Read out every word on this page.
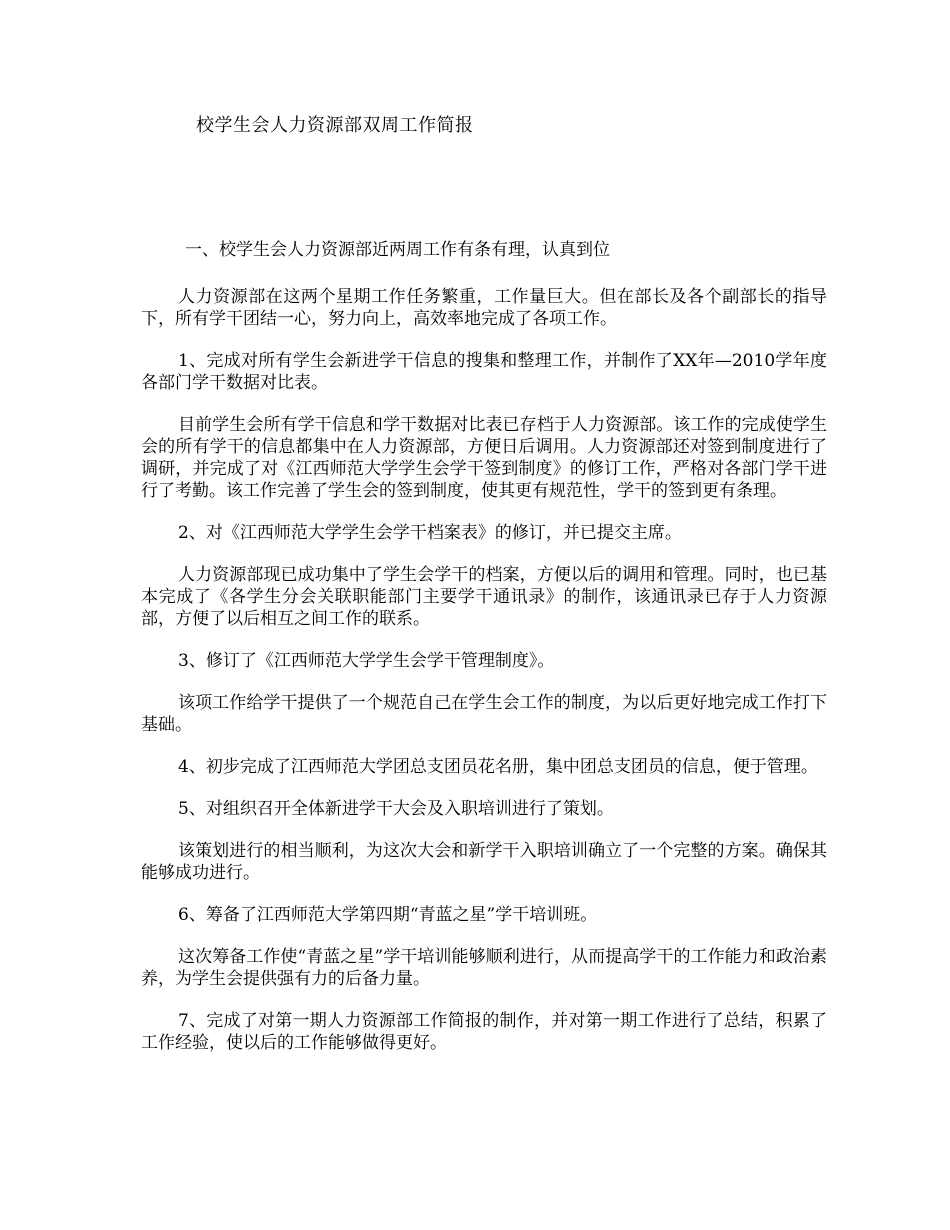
校学生会人力资源部双周工作简报

一、校学生会人力资源部近两周工作有条有理，认真到位

人力资源部在这两个星期工作任务繁重，工作量巨大。但在部长及各个副部长的指导下，所有学干团结一心，努力向上，高效率地完成了各项工作。

1、完成对所有学生会新进学干信息的搜集和整理工作，并制作了XX年—2010学年度各部门学干数据对比表。

目前学生会所有学干信息和学干数据对比表已存档于人力资源部。该工作的完成使学生会的所有学干的信息都集中在人力资源部，方便日后调用。人力资源部还对签到制度进行了调研，并完成了对《江西师范大学学生会学干签到制度》的修订工作，严格对各部门学干进行了考勤。该工作完善了学生会的签到制度，使其更有规范性，学干的签到更有条理。

2、对《江西师范大学学生会学干档案表》的修订，并已提交主席。

人力资源部现已成功集中了学生会学干的档案，方便以后的调用和管理。同时，也已基本完成了《各学生分会关联职能部门主要学干通讯录》的制作，该通讯录已存于人力资源部，方便了以后相互之间工作的联系。

3、修订了《江西师范大学学生会学干管理制度》。

该项工作给学干提供了一个规范自己在学生会工作的制度，为以后更好地完成工作打下基础。

4、初步完成了江西师范大学团总支团员花名册，集中团总支团员的信息，便于管理。

5、对组织召开全体新进学干大会及入职培训进行了策划。

该策划进行的相当顺利，为这次大会和新学干入职培训确立了一个完整的方案。确保其能够成功进行。

6、筹备了江西师范大学第四期“青蓝之星”学干培训班。

这次筹备工作使“青蓝之星”学干培训能够顺利进行，从而提高学干的工作能力和政治素养，为学生会提供强有力的后备力量。

7、完成了对第一期人力资源部工作简报的制作，并对第一期工作进行了总结，积累了工作经验，使以后的工作能够做得更好。
